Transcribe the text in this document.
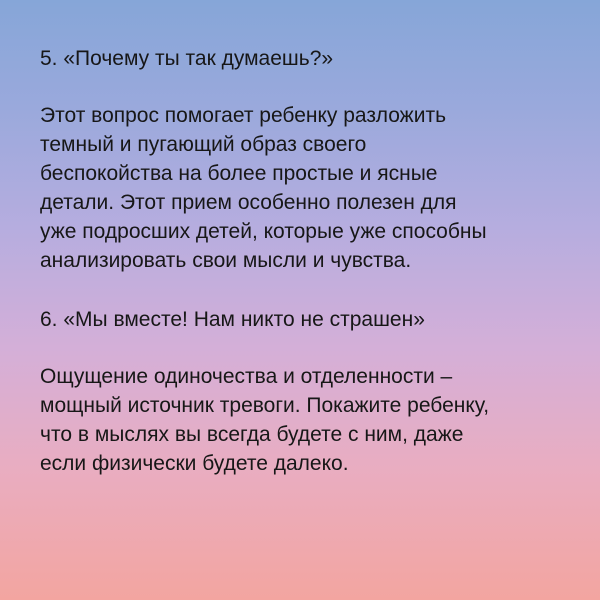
5. «Почему ты так думаешь?»

Этот вопрос помогает ребенку разложить
темный и пугающий образ своего
беспокойства на более простые и ясные
детали. Этот прием особенно полезен для
уже подросших детей, которые уже способны
анализировать свои мысли и чувства.

6. «Мы вместе! Нам никто не страшен»

Ощущение одиночества и отделенности –
мощный источник тревоги. Покажите ребенку,
что в мыслях вы всегда будете с ним, даже
если физически будете далеко.
